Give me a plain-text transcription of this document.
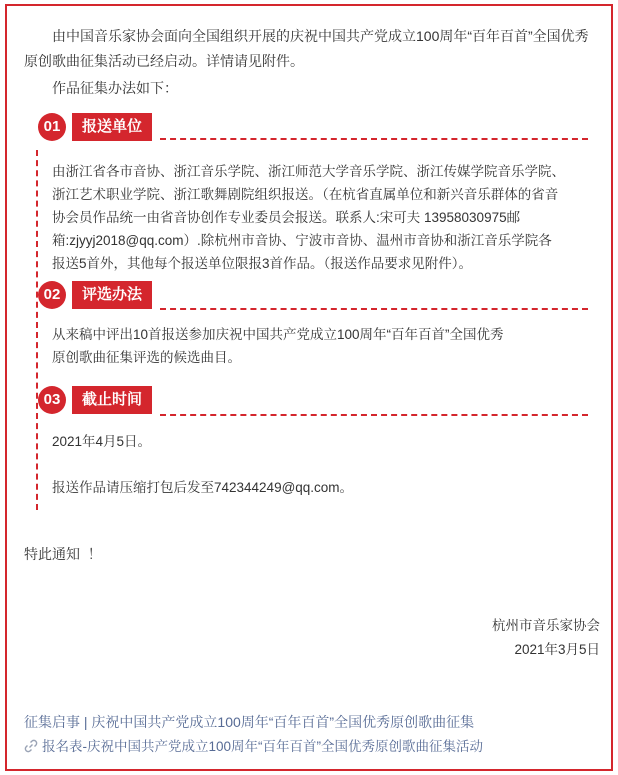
由中国音乐家协会面向全国组织开展的庆祝中国共产党成立100周年“百年百首”全国优秀原创歌曲征集活动已经启动。详情请见附件。
作品征集办法如下：
01	报送单位
由浙江省各市音协、浙江音乐学院、浙江师范大学音乐学院、浙江传媒学院音乐学院、
浙江艺术职业学院、浙江歌舞剧院组织报送。（在杭省直属单位和新兴音乐群体的省音
协会员作品统一由省音协创作专业委员会报送。联系人:宋可夫 13958030975邮
箱:zjyyj2018@qq.com）.除杭州市音协、宁波市音协、温州市音协和浙江音乐学院各
报送5首外，其他每个报送单位限报3首作品。（报送作品要求见附件）。
02	评选办法
从来稿中评出10首报送参加庆祝中国共产党成立100周年“百年百首”全国优秀
原创歌曲征集评选的候选曲目。
03	截止时间
2021年4月5日。
报送作品请压缩打包后发至742344249@qq.com。
特此通知  ！
杭州市音乐家协会
2021年3月5日
征集启事 | 庆祝中国共产党成立100周年“百年百首”全国优秀原创歌曲征集
报名表-庆祝中国共产党成立100周年“百年百首”全国优秀原创歌曲征集活动
